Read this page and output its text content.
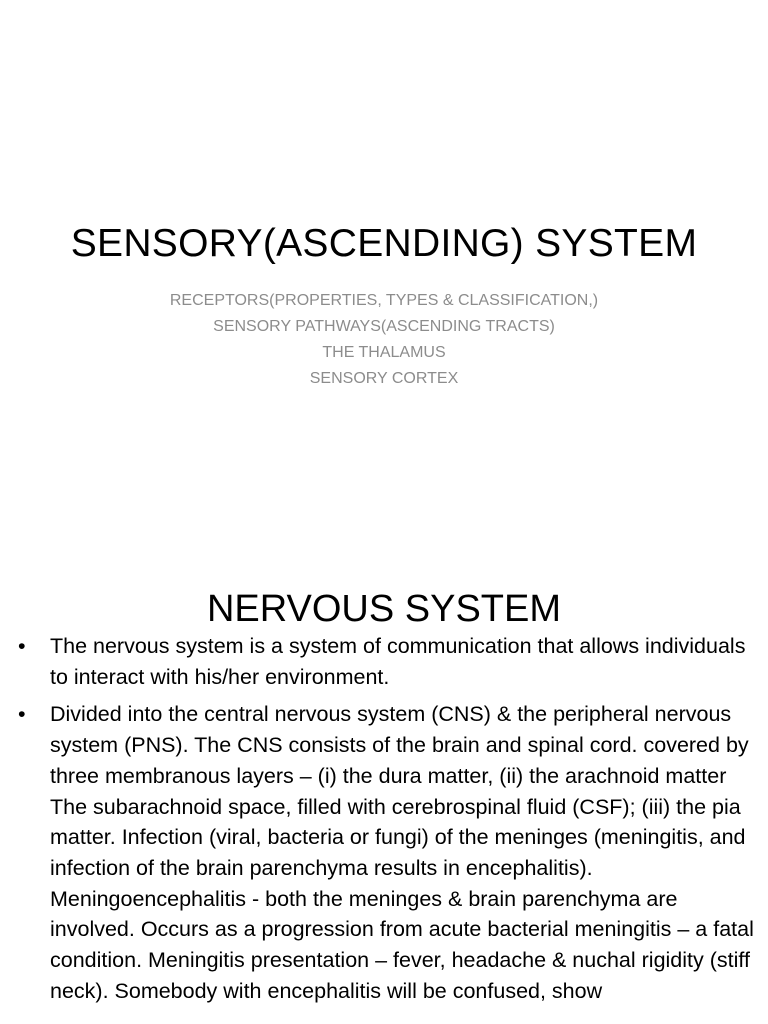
SENSORY(ASCENDING) SYSTEM
RECEPTORS(PROPERTIES, TYPES & CLASSIFICATION,)
SENSORY PATHWAYS(ASCENDING TRACTS)
THE THALAMUS
SENSORY CORTEX
NERVOUS SYSTEM
•	The nervous system is a system of communication that allows individuals to interact with his/her environment.
•	Divided into the central nervous system (CNS) & the peripheral nervous system (PNS). The CNS consists of the brain and spinal cord. covered by three membranous layers – (i) the dura matter, (ii) the arachnoid matter The subarachnoid space, filled with cerebrospinal fluid (CSF); (iii) the pia matter. Infection (viral, bacteria or fungi) of the meninges (meningitis, and infection of the brain parenchyma results in encephalitis). Meningoencephalitis - both the meninges & brain parenchyma are involved. Occurs as a progression from acute bacterial meningitis – a fatal condition. Meningitis presentation – fever, headache & nuchal rigidity (stiff neck). Somebody with encephalitis will be confused, show
